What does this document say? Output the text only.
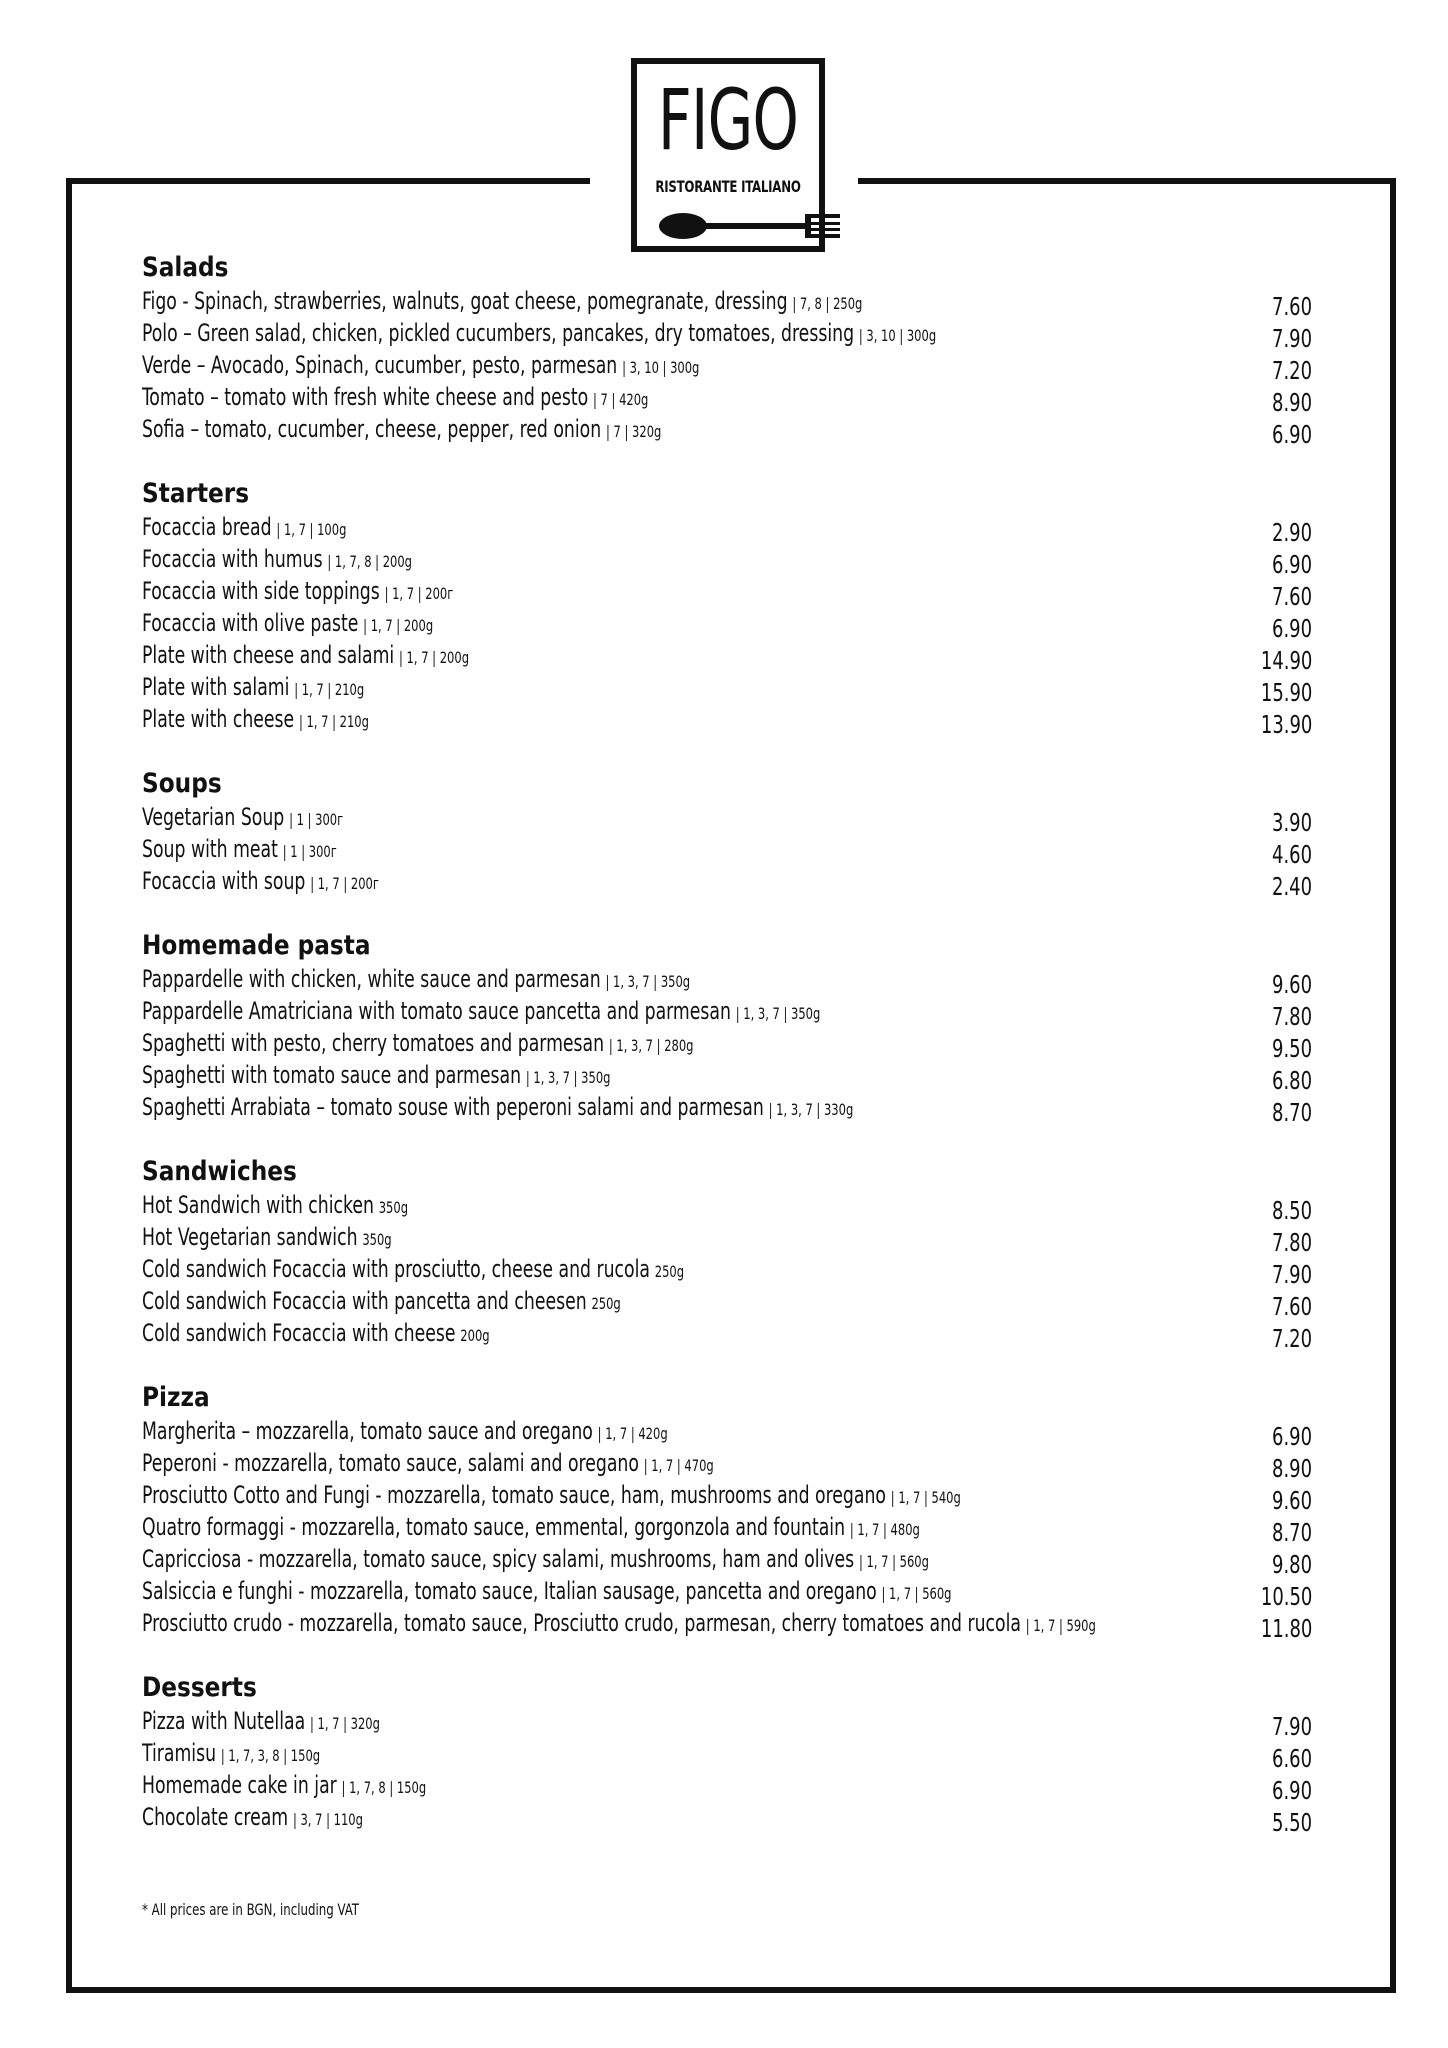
FIGO
RISTORANTE ITALIANO
Salads
Figo - Spinach, strawberries, walnuts, goat cheese, pomegranate, dressing | 7, 8 | 250g	7.60
Polo – Green salad, chicken, pickled cucumbers, pancakes, dry tomatoes, dressing | 3, 10 | 300g	7.90
Verde – Avocado, Spinach, cucumber, pesto, parmesan | 3, 10 | 300g	7.20
Tomato – tomato with fresh white cheese and pesto | 7 | 420g	8.90
Sofia – tomato, cucumber, cheese, pepper, red onion | 7 | 320g	6.90
Starters
Focaccia bread | 1, 7 | 100g	2.90
Focaccia with humus | 1, 7, 8 | 200g	6.90
Focaccia with side toppings | 1, 7 | 200г	7.60
Focaccia with olive paste | 1, 7 | 200g	6.90
Plate with cheese and salami | 1, 7 | 200g	14.90
Plate with salami | 1, 7 | 210g	15.90
Plate with cheese | 1, 7 | 210g	13.90
Soups
Vegetarian Soup | 1 | 300г	3.90
Soup with meat | 1 | 300г	4.60
Focaccia with soup | 1, 7 | 200г	2.40
Homemade pasta
Pappardelle with chicken, white sauce and parmesan | 1, 3, 7 | 350g	9.60
Pappardelle Amatriciana with tomato sauce pancetta and parmesan | 1, 3, 7 | 350g	7.80
Spaghetti with pesto, cherry tomatoes and parmesan | 1, 3, 7 | 280g	9.50
Spaghetti with tomato sauce and parmesan | 1, 3, 7 | 350g	6.80
Spaghetti Arrabiata – tomato souse with peperoni salami and parmesan | 1, 3, 7 | 330g	8.70
Sandwiches
Hot Sandwich with chicken 350g	8.50
Hot Vegetarian sandwich 350g	7.80
Cold sandwich Focaccia with prosciutto, cheese and rucola 250g	7.90
Cold sandwich Focaccia with pancetta and cheesen 250g	7.60
Cold sandwich Focaccia with cheese 200g	7.20
Pizza
Margherita – mozzarella, tomato sauce and oregano | 1, 7 | 420g	6.90
Peperoni - mozzarella, tomato sauce, salami and oregano | 1, 7 | 470g	8.90
Prosciutto Cotto and Fungi - mozzarella, tomato sauce, ham, mushrooms and oregano | 1, 7 | 540g	9.60
Quatro formaggi - mozzarella, tomato sauce, emmental, gorgonzola and fountain | 1, 7 | 480g	8.70
Capricciosa - mozzarella, tomato sauce, spicy salami, mushrooms, ham and olives | 1, 7 | 560g	9.80
Salsiccia e funghi - mozzarella, tomato sauce, Italian sausage, pancetta and oregano | 1, 7 | 560g	10.50
Prosciutto crudo - mozzarella, tomato sauce, Prosciutto crudo, parmesan, cherry tomatoes and rucola | 1, 7 | 590g	11.80
Desserts
Pizza with Nutellaa | 1, 7 | 320g	7.90
Tiramisu | 1, 7, 3, 8 | 150g	6.60
Homemade cake in jar | 1, 7, 8 | 150g	6.90
Chocolate cream | 3, 7 | 110g	5.50
* All prices are in BGN, including VAT
